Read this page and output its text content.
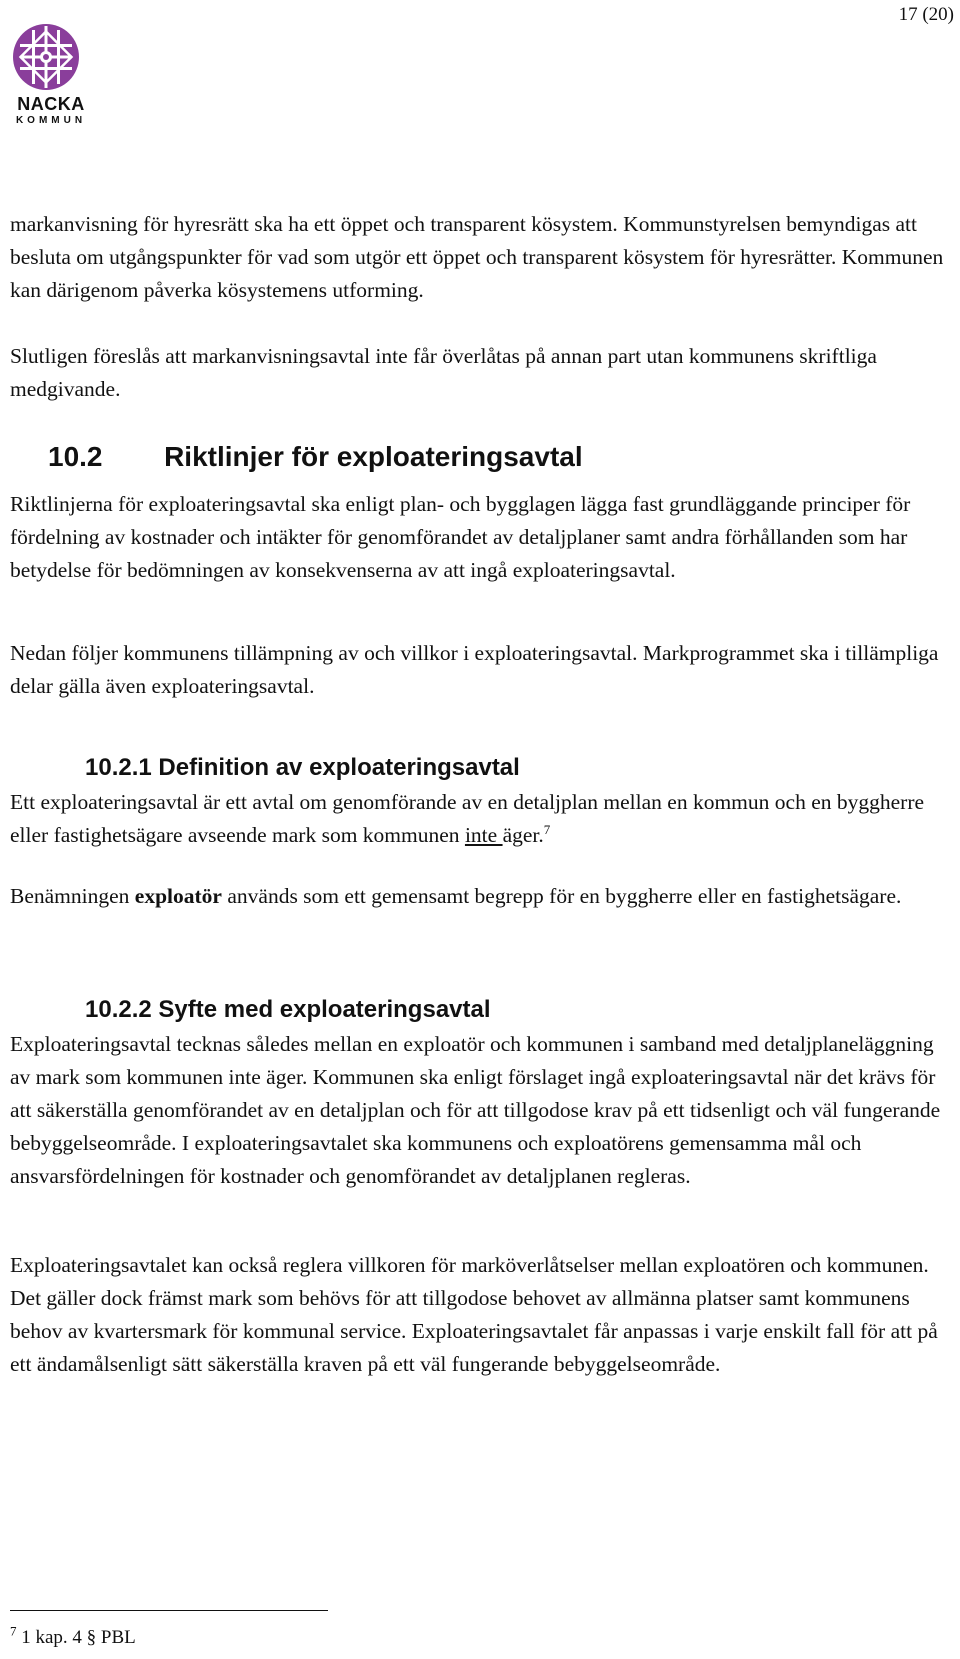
17 (20)
NACKA
KOMMUN

markanvisning för hyresrätt ska ha ett öppet och transparent kösystem. Kommunstyrelsen bemyndigas att besluta om utgångspunkter för vad som utgör ett öppet och transparent kösystem för hyresrätter. Kommunen kan därigenom påverka kösystemens utforming.

Slutligen föreslås att markanvisningsavtal inte får överlåtas på annan part utan kommunens skriftliga medgivande.

10.2 Riktlinjer för exploateringsavtal

Riktlinjerna för exploateringsavtal ska enligt plan- och bygglagen lägga fast grundläggande principer för fördelning av kostnader och intäkter för genomförandet av detaljplaner samt andra förhållanden som har betydelse för bedömningen av konsekvenserna av att ingå exploateringsavtal.

Nedan följer kommunens tillämpning av och villkor i exploateringsavtal. Markprogrammet ska i tillämpliga delar gälla även exploateringsavtal.

10.2.1 Definition av exploateringsavtal

Ett exploateringsavtal är ett avtal om genomförande av en detaljplan mellan en kommun och en byggherre eller fastighetsägare avseende mark som kommunen inte äger.$^7$

Benämningen exploatör används som ett gemensamt begrepp för en byggherre eller en fastighetsägare.

10.2.2 Syfte med exploateringsavtal

Exploateringsavtal tecknas således mellan en exploatör och kommunen i samband med detaljplaneläggning av mark som kommunen inte äger. Kommunen ska enligt förslaget ingå exploateringsavtal när det krävs för att säkerställa genomförandet av en detaljplan och för att tillgodose krav på ett tidsenligt och väl fungerande bebyggelseområde. I exploateringsavtalet ska kommunens och exploatörens gemensamma mål och ansvarsfördelningen för kostnader och genomförandet av detaljplanen regleras.

Exploateringsavtalet kan också reglera villkoren för marköverlåtselser mellan exploatören och kommunen. Det gäller dock främst mark som behövs för att tillgodose behovet av allmänna platser samt kommunens behov av kvartersmark för kommunal service. Exploateringsavtalet får anpassas i varje enskilt fall för att på ett ändamålsenligt sätt säkerställa kraven på ett väl fungerande bebyggelseområde.

$^7$ 1 kap. 4 § PBL
